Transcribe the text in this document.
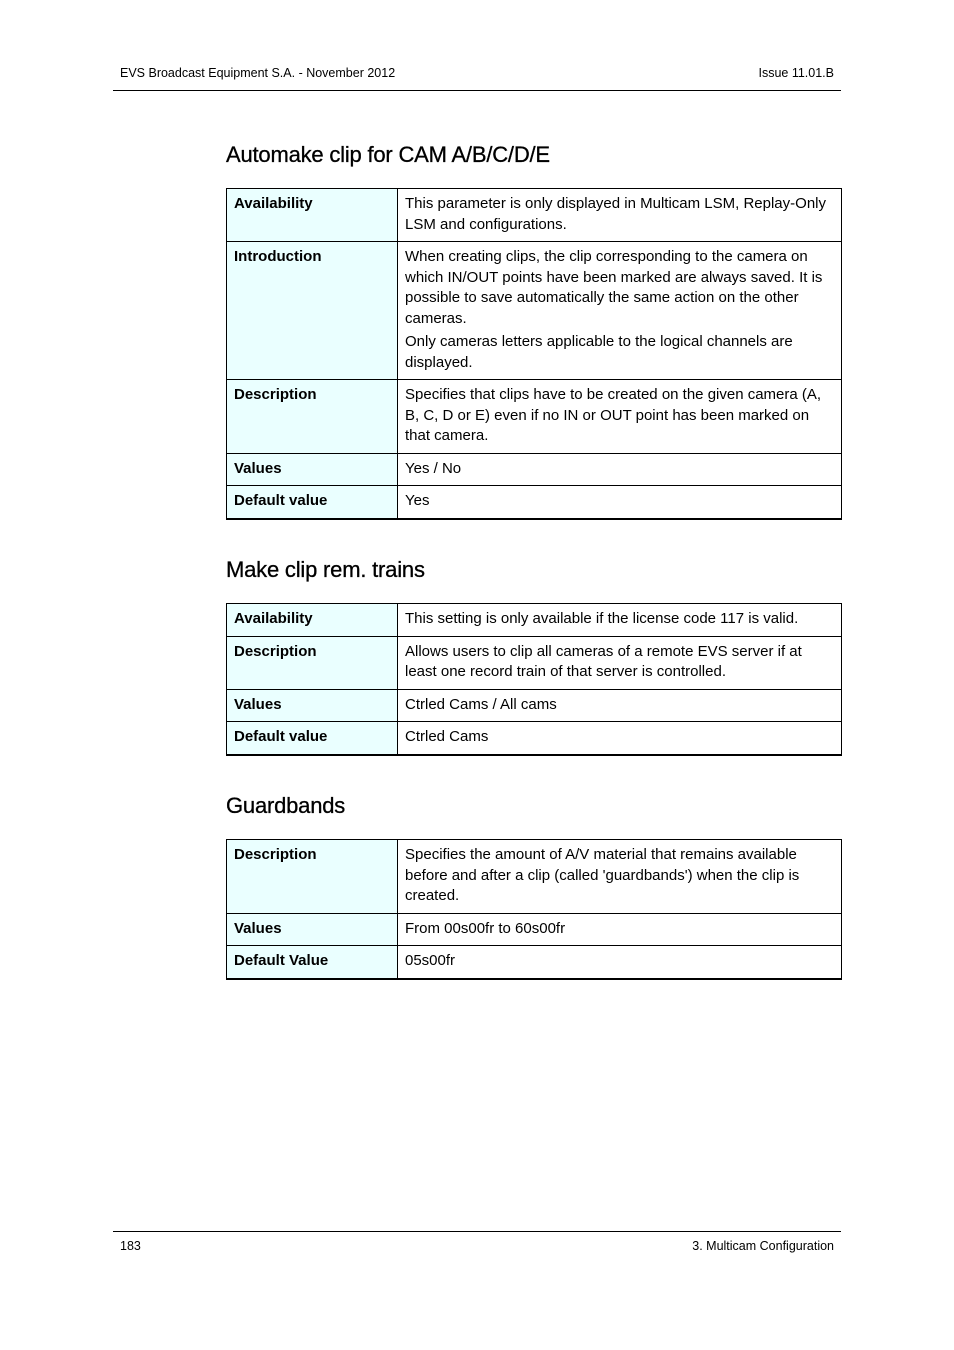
EVS Broadcast Equipment S.A. - November 2012	Issue 11.01.B
Automake clip for CAM A/B/C/D/E
Availability	This parameter is only displayed in Multicam LSM, Replay-Only LSM and configurations.

Introduction	When creating clips, the clip corresponding to the camera on which IN/OUT points have been marked are always saved. It is possible to save automatically the same action on the other cameras.

Only cameras letters applicable to the logical channels are displayed.

Description	Specifies that clips have to be created on the given camera (A, B, C, D or E) even if no IN or OUT point has been marked on that camera.

Values	Yes / No

Default value	Yes

Make clip rem. trains
Availability	This setting is only available if the license code 117 is valid.

Description	Allows users to clip all cameras of a remote EVS server if at least one record train of that server is controlled.

Values	Ctrled Cams / All cams

Default value	Ctrled Cams

Guardbands
Description	Specifies the amount of A/V material that remains available before and after a clip (called 'guardbands') when the clip is created.

Values	From 00s00fr to 60s00fr

Default Value	05s00fr

183	3. Multicam Configuration
